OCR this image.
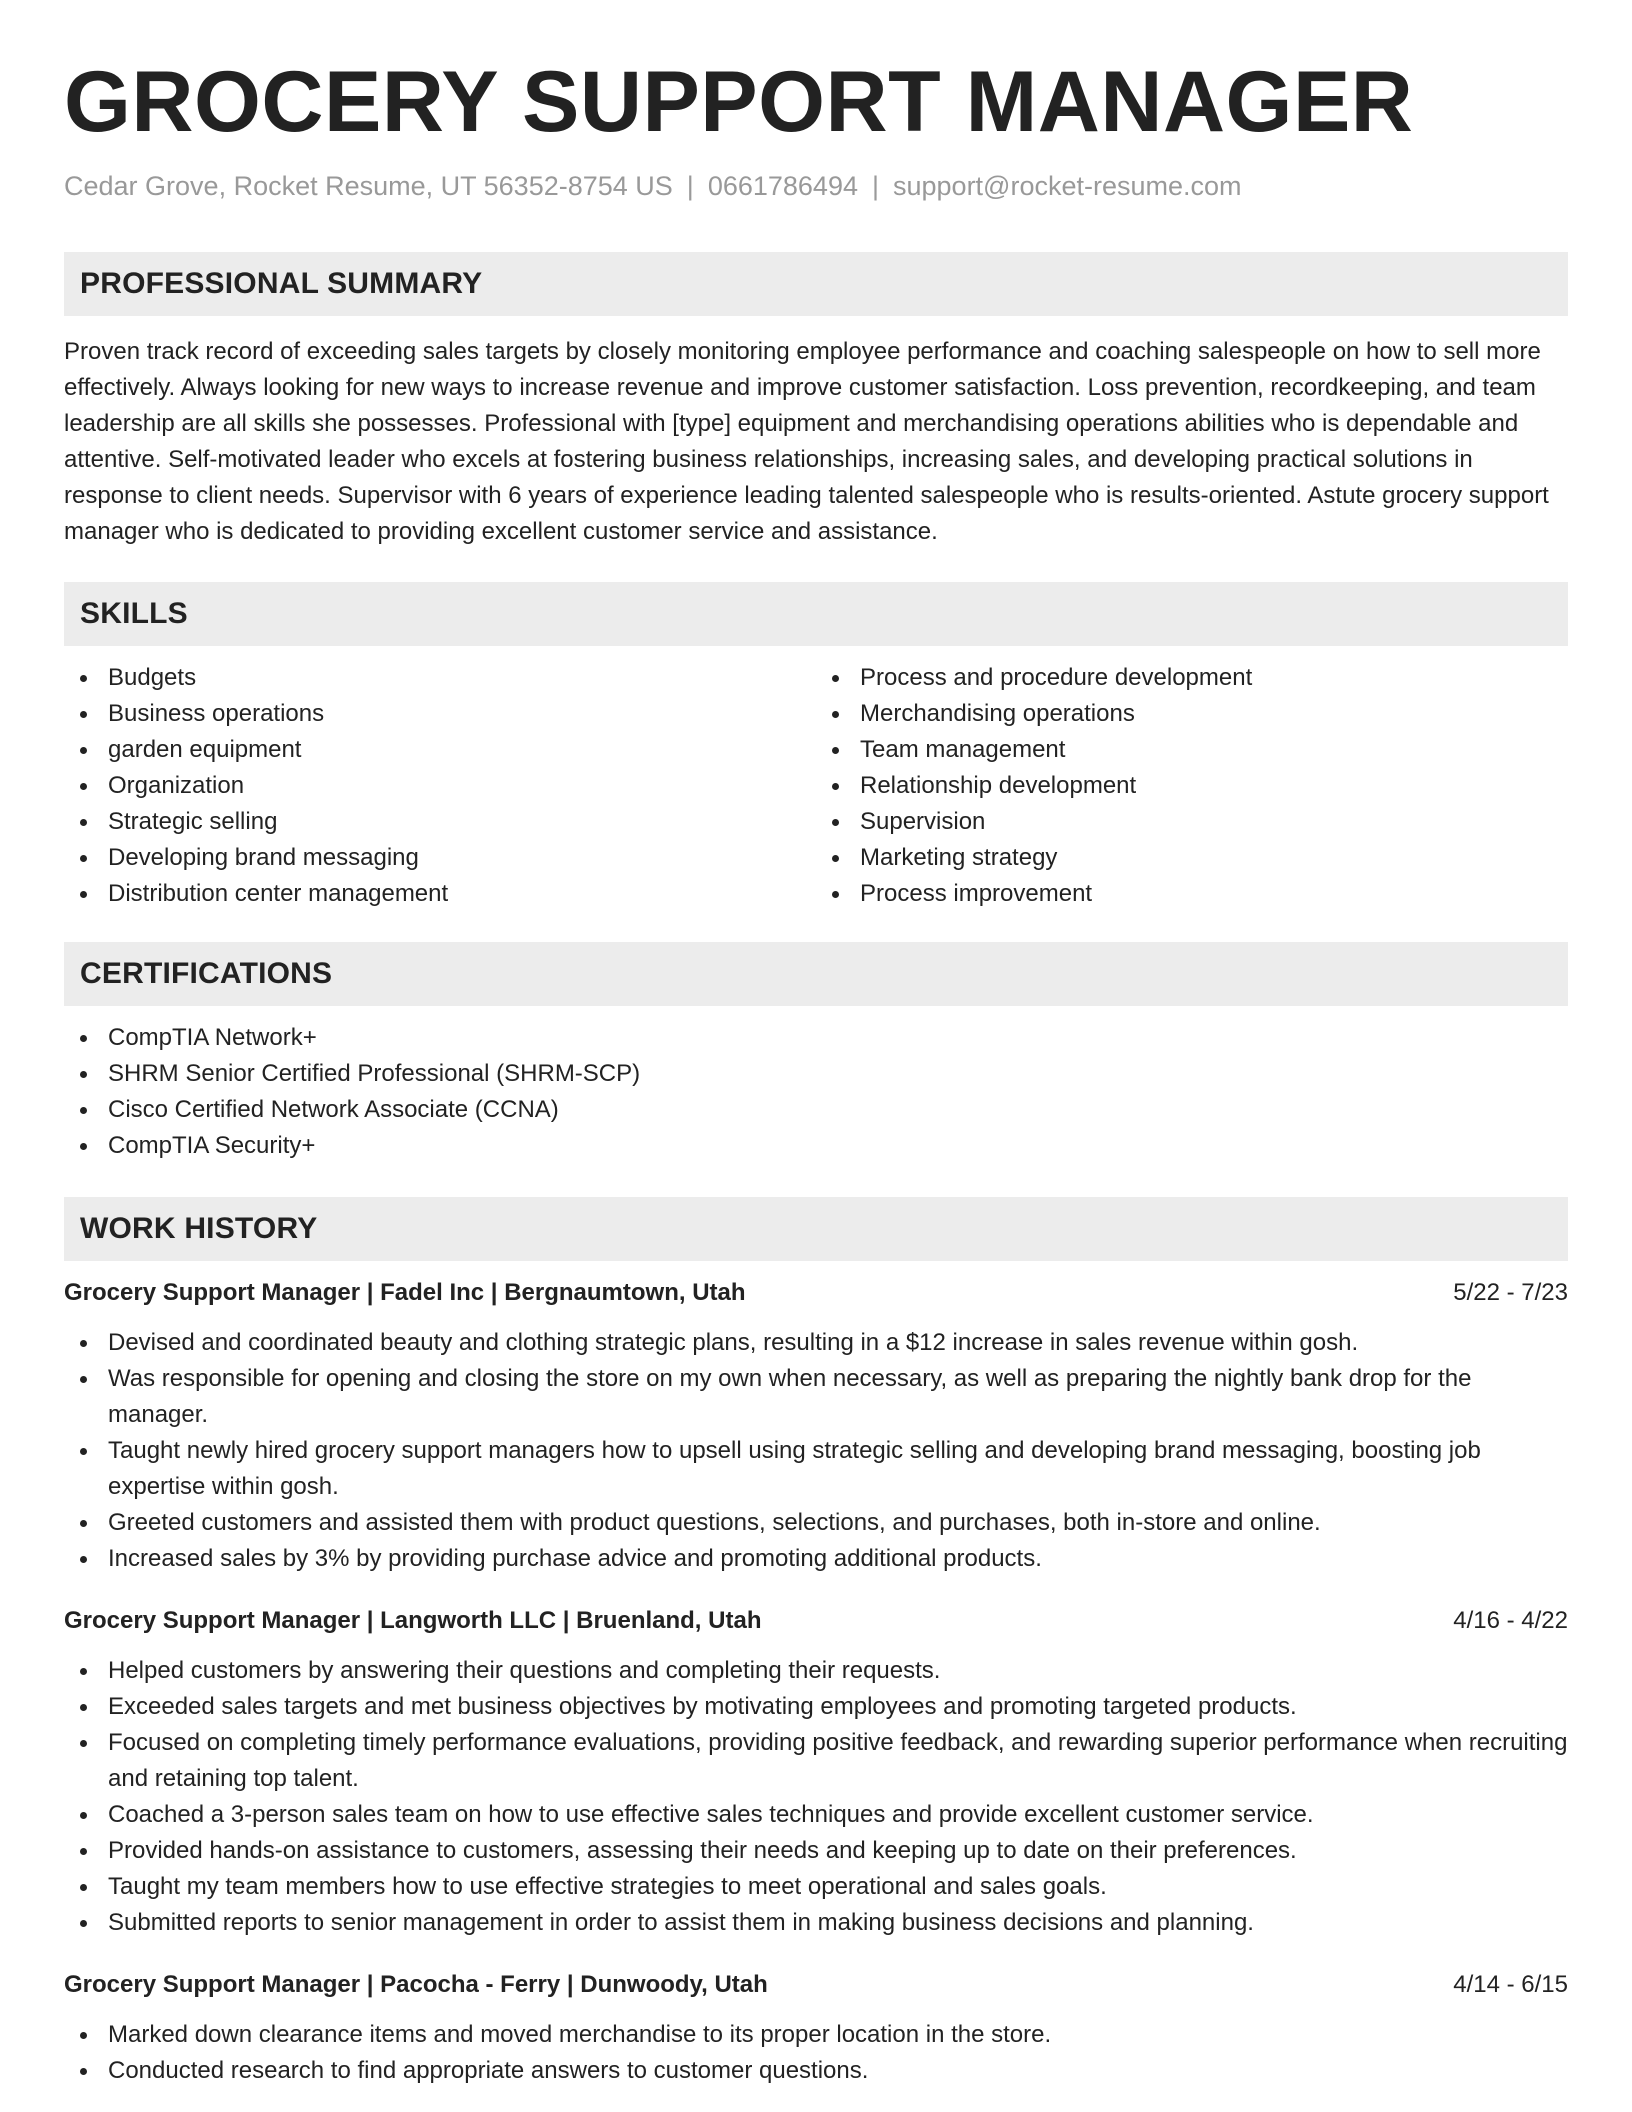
GROCERY SUPPORT MANAGER
Cedar Grove, Rocket Resume, UT 56352-8754 US | 0661786494 | support@rocket-resume.com
PROFESSIONAL SUMMARY

Proven track record of exceeding sales targets by closely monitoring employee performance and coaching salespeople on how to sell more effectively. Always looking for new ways to increase revenue and improve customer satisfaction. Loss prevention, recordkeeping, and team leadership are all skills she possesses. Professional with [type] equipment and merchandising operations abilities who is dependable and attentive. Self-motivated leader who excels at fostering business relationships, increasing sales, and developing practical solutions in response to client needs. Supervisor with 6 years of experience leading talented salespeople who is results-oriented. Astute grocery support manager who is dedicated to providing excellent customer service and assistance.

SKILLS
Budgets
Business operations
garden equipment
Organization
Strategic selling
Developing brand messaging
Distribution center management
Process and procedure development
Merchandising operations
Team management
Relationship development
Supervision
Marketing strategy
Process improvement
CERTIFICATIONS
CompTIA Network+
SHRM Senior Certified Professional (SHRM-SCP)
Cisco Certified Network Associate (CCNA)
CompTIA Security+
WORK HISTORY
Grocery Support Manager | Fadel Inc | Bergnaumtown, Utah	5/22 - 7/23
Devised and coordinated beauty and clothing strategic plans, resulting in a $12 increase in sales revenue within gosh.
Was responsible for opening and closing the store on my own when necessary, as well as preparing the nightly bank drop for the manager.
Taught newly hired grocery support managers how to upsell using strategic selling and developing brand messaging, boosting job expertise within gosh.
Greeted customers and assisted them with product questions, selections, and purchases, both in-store and online.
Increased sales by 3% by providing purchase advice and promoting additional products.
Grocery Support Manager | Langworth LLC | Bruenland, Utah	4/16 - 4/22
Helped customers by answering their questions and completing their requests.
Exceeded sales targets and met business objectives by motivating employees and promoting targeted products.
Focused on completing timely performance evaluations, providing positive feedback, and rewarding superior performance when recruiting and retaining top talent.
Coached a 3-person sales team on how to use effective sales techniques and provide excellent customer service.
Provided hands-on assistance to customers, assessing their needs and keeping up to date on their preferences.
Taught my team members how to use effective strategies to meet operational and sales goals.
Submitted reports to senior management in order to assist them in making business decisions and planning.
Grocery Support Manager | Pacocha - Ferry | Dunwoody, Utah	4/14 - 6/15
Marked down clearance items and moved merchandise to its proper location in the store.
Conducted research to find appropriate answers to customer questions.
